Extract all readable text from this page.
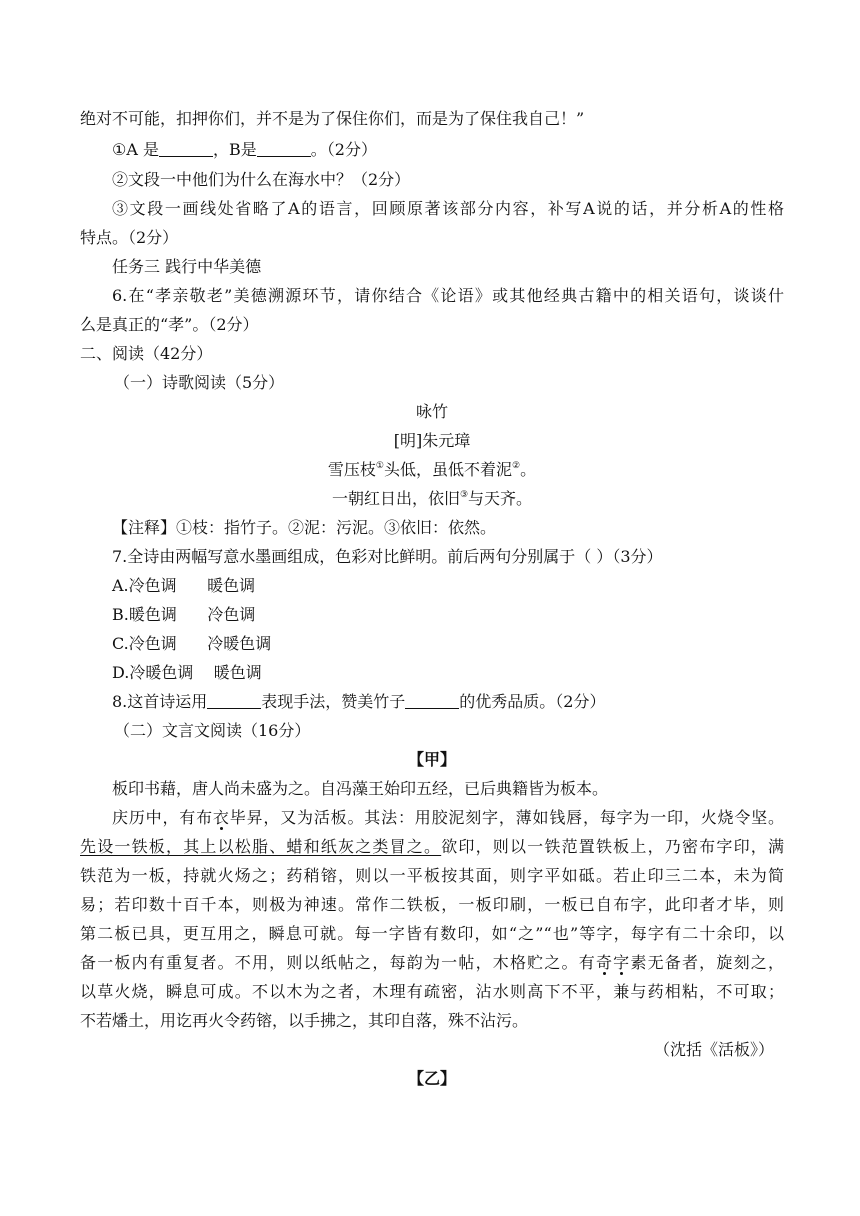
绝对不可能，扣押你们，并不是为了保住你们，而是为了保住我自己！”
①A 是	，B是	。（2分）
②文段一中他们为什么在海水中？（2分）
③文段一画线处省略了A的语言，回顾原著该部分内容，补写A说的话，并分析A的性格
特点。（2分）
任务三 践行中华美德
6.在“孝亲敬老”美德溯源环节，请你结合《论语》或其他经典古籍中的相关语句，谈谈什
么是真正的“孝”。（2分）
二、阅读（42分）
（一）诗歌阅读（5分）
咏竹
[明]朱元璋
雪压枝①头低，虽低不着泥②。
一朝红日出，依旧③与天齐。
【注释】①枝：指竹子。②泥：污泥。③依旧：依然。
7.全诗由两幅写意水墨画组成，色彩对比鲜明。前后两句分别属于（ ）（3分）
A.冷色调      暖色调
B.暖色调      冷色调
C.冷色调      冷暖色调
D.冷暖色调    暖色调
8.这首诗运用	表现手法，赞美竹子	的优秀品质。（2分）
（二）文言文阅读（16分）
【甲】
板印书藉，唐人尚未盛为之。自冯藻王始印五经，已后典籍皆为板本。
庆历中，有布衣毕昇，又为活板。其法：用胶泥刻字，薄如钱唇，每字为一印，火烧令坚。
先设一铁板，其上以松脂、蜡和纸灰之类冒之。欲印，则以一铁范置铁板上，乃密布字印，满
铁范为一板，持就火炀之；药稍镕，则以一平板按其面，则字平如砥。若止印三二本，未为简
易；若印数十百千本，则极为神速。常作二铁板，一板印刷，一板已自布字，此印者才毕，则
第二板已具，更互用之，瞬息可就。每一字皆有数印，如“之”“也”等字，每字有二十余印，以
备一板内有重复者。不用，则以纸帖之，每韵为一帖，木格贮之。有奇字素无备者，旋刻之，
以草火烧，瞬息可成。不以木为之者，木理有疏密，沾水则高下不平，兼与药相粘，不可取；
不若燔土，用讫再火令药镕，以手拂之，其印自落，殊不沾污。
（沈括《活板》）
【乙】
